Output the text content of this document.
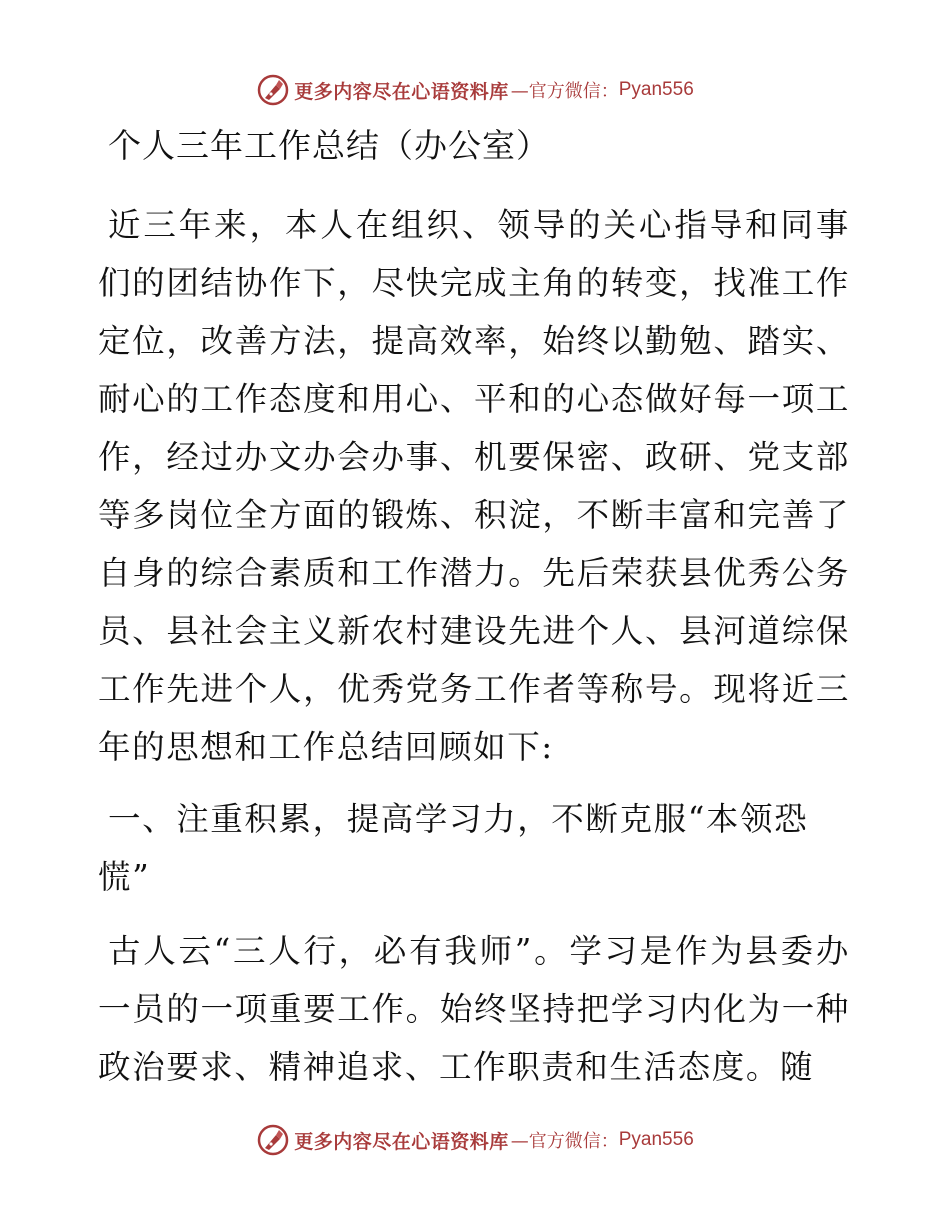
更多内容尽在心语资料库 —官方微信： Pyan556
个人三年工作总结（办公室）

近三年来，本人在组织、领导的关心指导和同事们的团结协作下，尽快完成主角的转变，找准工作定位，改善方法，提高效率，始终以勤勉、踏实、耐心的工作态度和用心、平和的心态做好每一项工作，经过办文办会办事、机要保密、政研、党支部等多岗位全方面的锻炼、积淀，不断丰富和完善了自身的综合素质和工作潜力。先后荣获县优秀公务员、县社会主义新农村建设先进个人、县河道综保工作先进个人，优秀党务工作者等称号。现将近三年的思想和工作总结回顾如下:

一、注重积累，提高学习力，不断克服“本领恐慌”

古人云“三人行，必有我师”。学习是作为县委办一员的一项重要工作。始终坚持把学习内化为一种政治要求、精神追求、工作职责和生活态度。随

更多内容尽在心语资料库 —官方微信： Pyan556
